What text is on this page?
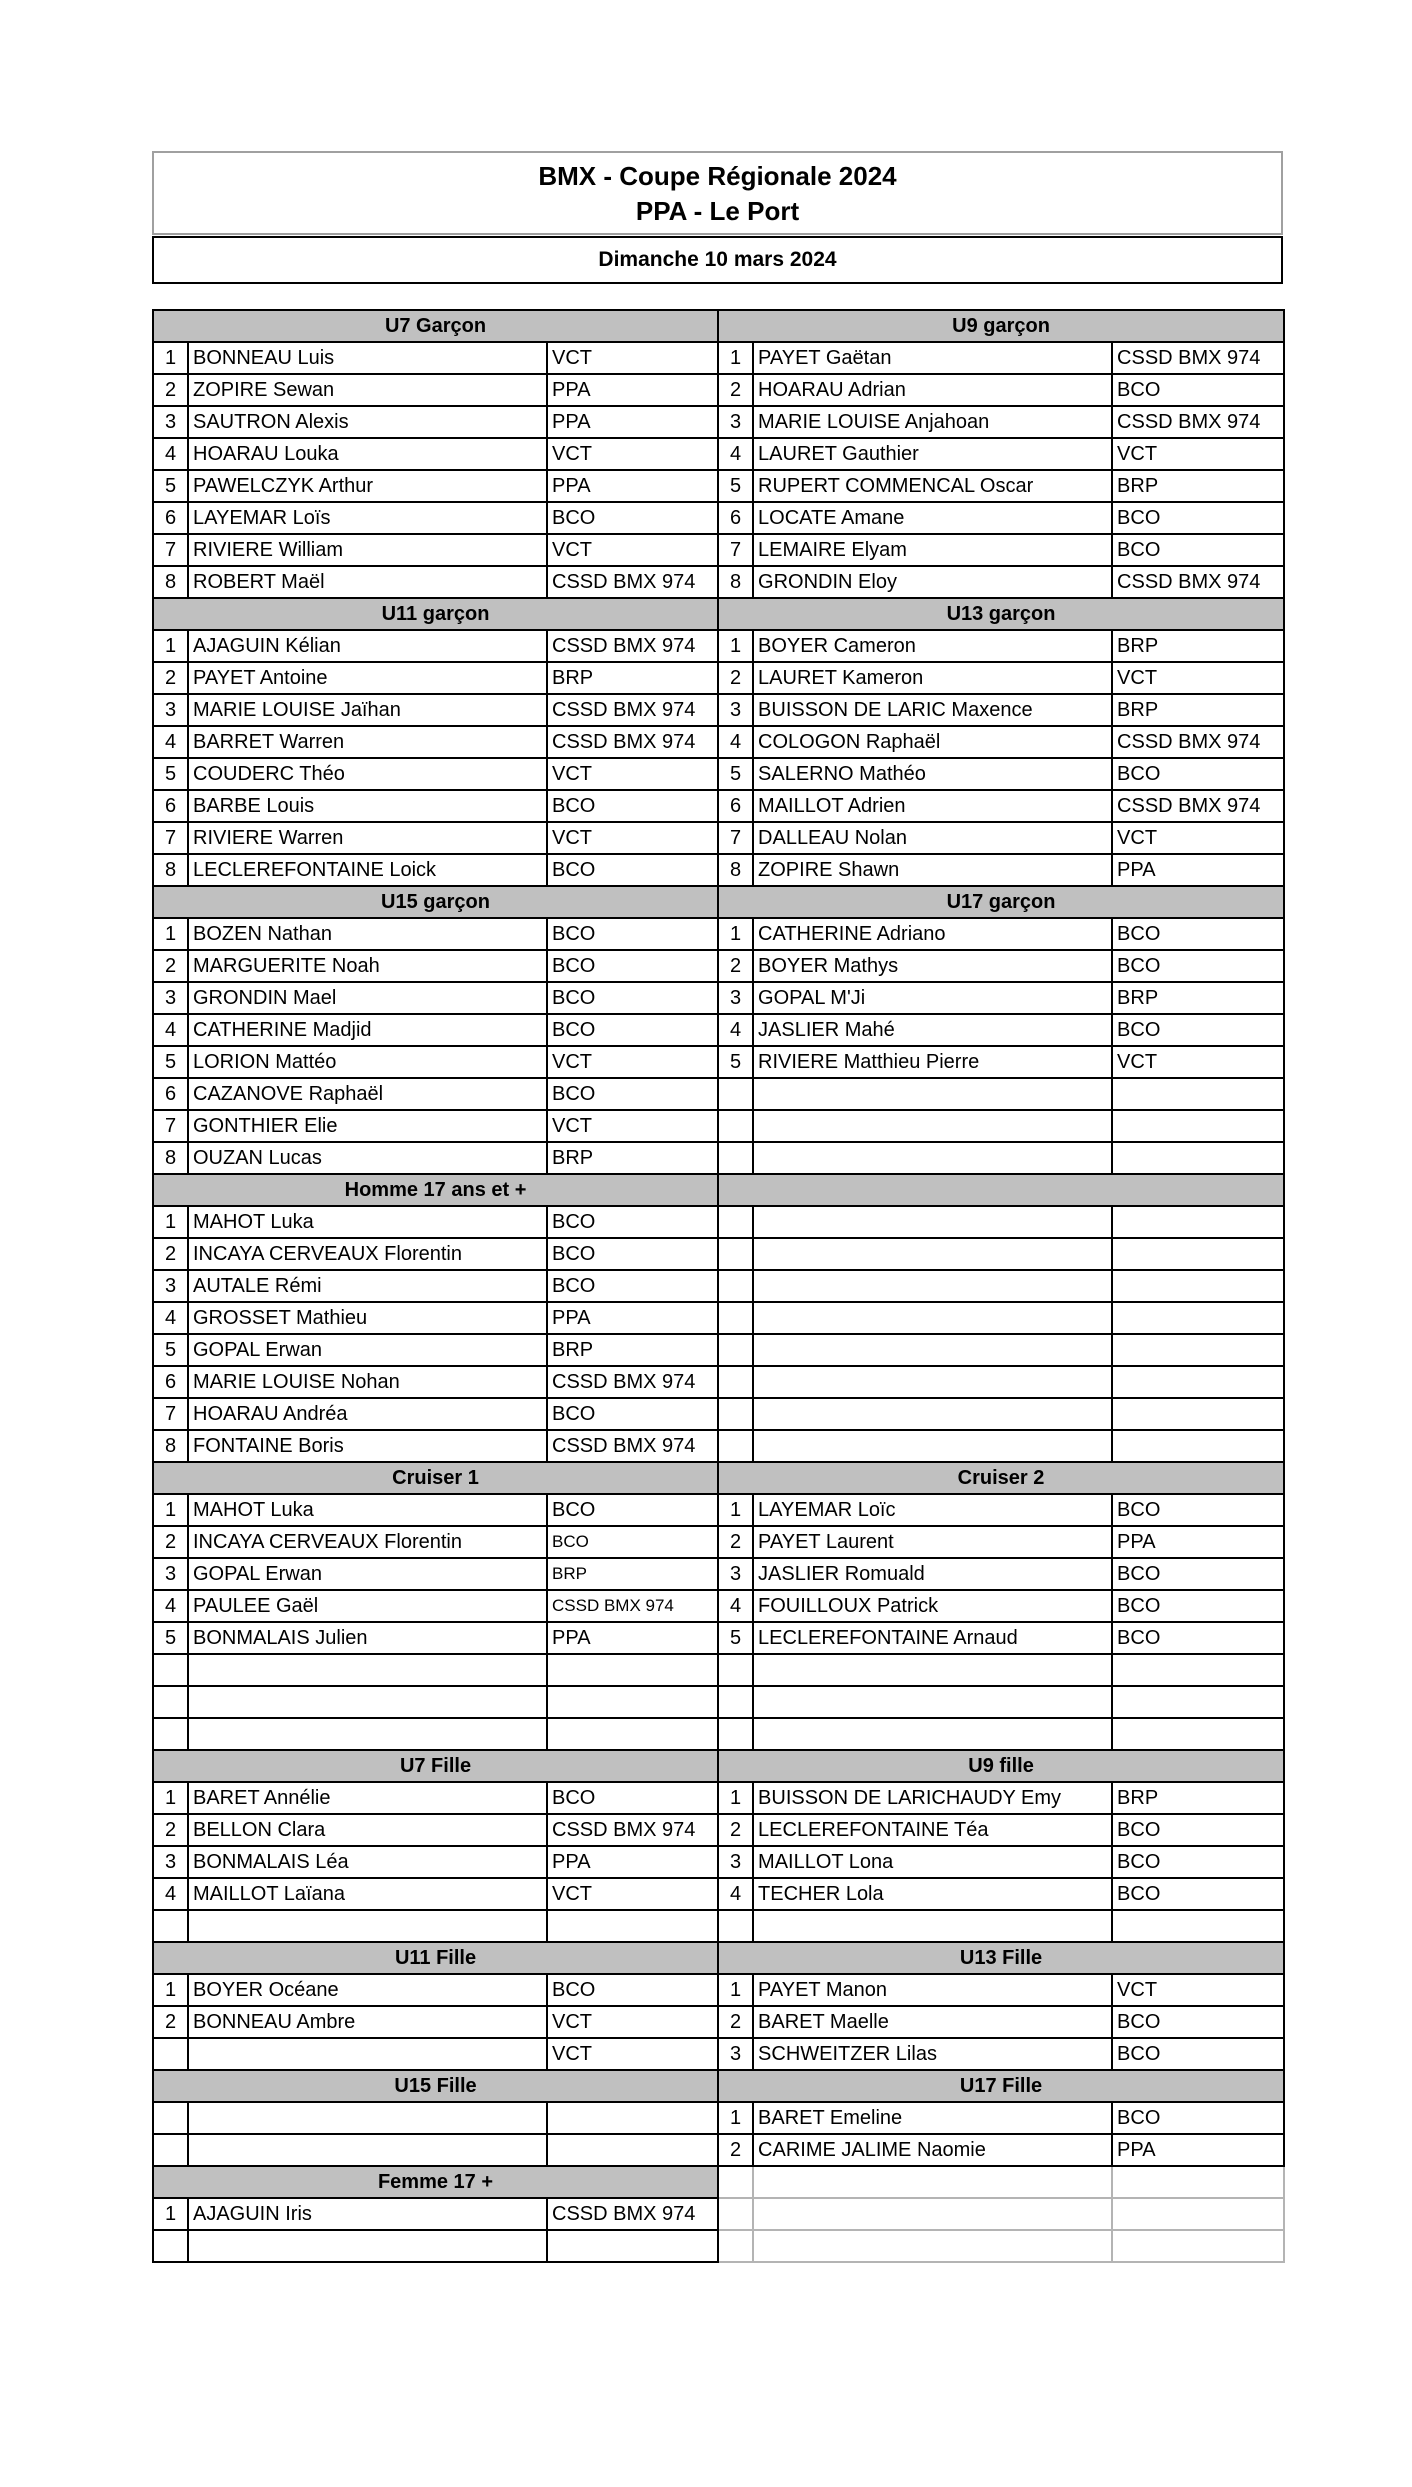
BMX - Coupe Régionale 2024
PPA - Le Port
Dimanche 10 mars 2024
U7 Garçon			U9 garçon		
1	BONNEAU Luis	VCT	1	PAYET Gaëtan	CSSD BMX 974
2	ZOPIRE Sewan	PPA	2	HOARAU Adrian	BCO
3	SAUTRON Alexis	PPA	3	MARIE LOUISE Anjahoan	CSSD BMX 974
4	HOARAU Louka	VCT	4	LAURET Gauthier	VCT
5	PAWELCZYK Arthur	PPA	5	RUPERT COMMENCAL Oscar	BRP
6	LAYEMAR Loïs	BCO	6	LOCATE Amane	BCO
7	RIVIERE William	VCT	7	LEMAIRE Elyam	BCO
8	ROBERT Maël	CSSD BMX 974	8	GRONDIN Eloy	CSSD BMX 974
U11 garçon			U13 garçon		
1	AJAGUIN Kélian	CSSD BMX 974	1	BOYER Cameron	BRP
2	PAYET Antoine	BRP	2	LAURET Kameron	VCT
3	MARIE LOUISE Jaïhan	CSSD BMX 974	3	BUISSON DE LARIC Maxence	BRP
4	BARRET Warren	CSSD BMX 974	4	COLOGON Raphaël	CSSD BMX 974
5	COUDERC Théo	VCT	5	SALERNO Mathéo	BCO
6	BARBE Louis	BCO	6	MAILLOT Adrien	CSSD BMX 974
7	RIVIERE Warren	VCT	7	DALLEAU Nolan	VCT
8	LECLEREFONTAINE Loick	BCO	8	ZOPIRE Shawn	PPA
U15 garçon			U17 garçon		
1	BOZEN Nathan	BCO	1	CATHERINE Adriano	BCO
2	MARGUERITE Noah	BCO	2	BOYER Mathys	BCO
3	GRONDIN Mael	BCO	3	GOPAL M'Ji	BRP
4	CATHERINE Madjid	BCO	4	JASLIER Mahé	BCO
5	LORION Mattéo	VCT	5	RIVIERE Matthieu Pierre	VCT
6	CAZANOVE Raphaël	BCO			
7	GONTHIER Elie	VCT			
8	OUZAN Lucas	BRP			
Homme 17 ans et +					
1	MAHOT Luka	BCO			
2	INCAYA CERVEAUX Florentin	BCO			
3	AUTALE Rémi	BCO			
4	GROSSET Mathieu	PPA			
5	GOPAL Erwan	BRP			
6	MARIE LOUISE Nohan	CSSD BMX 974			
7	HOARAU Andréa	BCO			
8	FONTAINE Boris	CSSD BMX 974			
Cruiser 1			Cruiser 2		
1	MAHOT Luka	BCO	1	LAYEMAR Loïc	BCO
2	INCAYA CERVEAUX Florentin	BCO	2	PAYET Laurent	PPA
3	GOPAL Erwan	BRP	3	JASLIER Romuald	BCO
4	PAULEE Gaël	CSSD BMX 974	4	FOUILLOUX Patrick	BCO
5	BONMALAIS Julien	PPA	5	LECLEREFONTAINE Arnaud	BCO

U7 Fille			U9 fille		
1	BARET Annélie	BCO	1	BUISSON DE LARICHAUDY Emy	BRP
2	BELLON Clara	CSSD BMX 974	2	LECLEREFONTAINE Téa	BCO
3	BONMALAIS Léa	PPA	3	MAILLOT Lona	BCO
4	MAILLOT Laïana	VCT	4	TECHER Lola	BCO

U11 Fille			U13 Fille		
1	BOYER Océane	BCO	1	PAYET Manon	VCT
2	BONNEAU Ambre	VCT	2	BARET Maelle	BCO
		VCT	3	SCHWEITZER Lilas	BCO
U15 Fille			U17 Fille		
			1	BARET Emeline	BCO
			2	CARIME JALIME Naomie	PPA
Femme 17 +					
1	AJAGUIN Iris	CSSD BMX 974			
